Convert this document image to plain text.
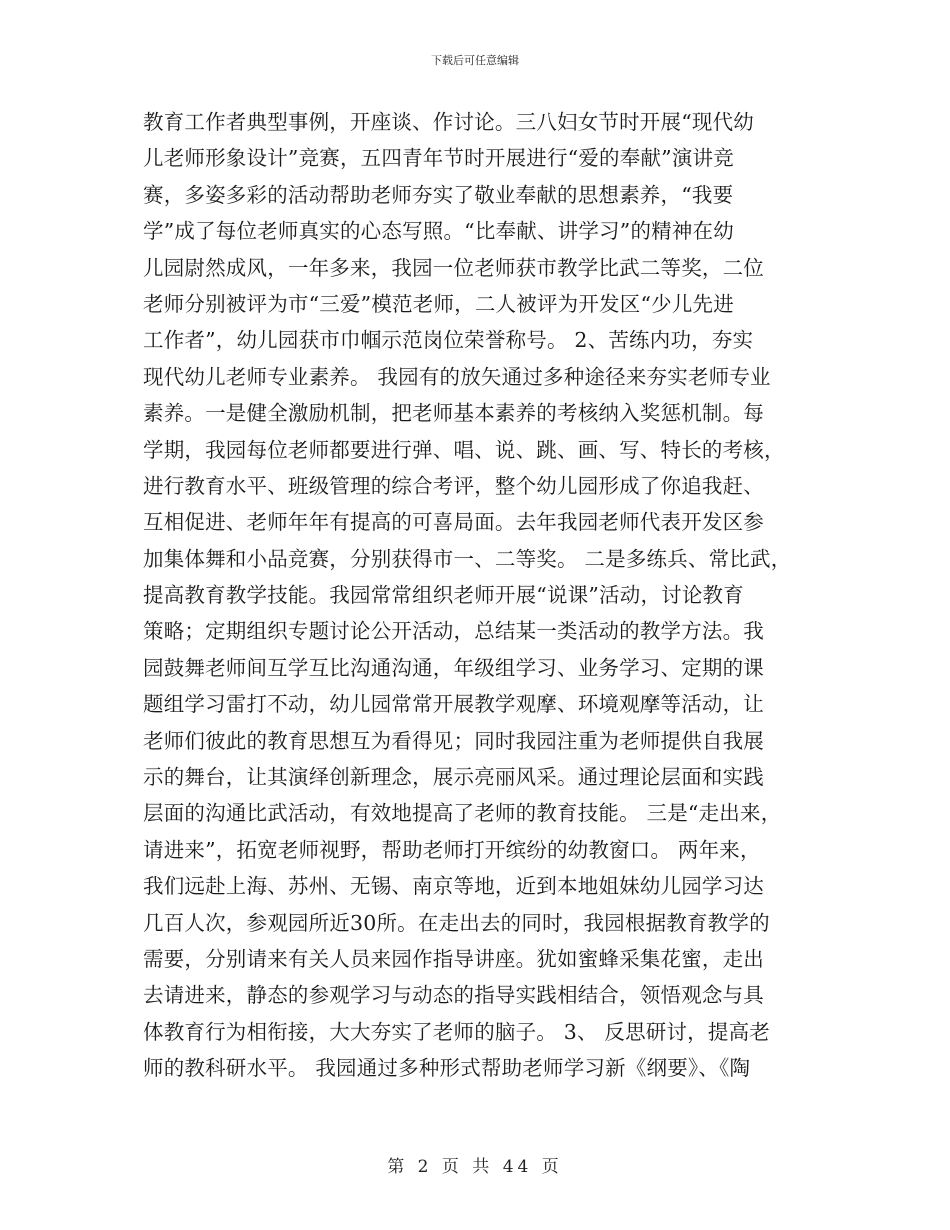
下载后可任意编辑
教育工作者典型事例，开座谈、作讨论。三八妇女节时开展“现代幼
儿老师形象设计”竞赛，五四青年节时开展进行“爱的奉献”演讲竞
赛，多姿多彩的活动帮助老师夯实了敬业奉献的思想素养，“我要
学”成了每位老师真实的心态写照。“比奉献、讲学习”的精神在幼
儿园尉然成风，一年多来，我园一位老师获市教学比武二等奖，二位
老师分别被评为市“三爱”模范老师，二人被评为开发区“少儿先进
工作者”，幼儿园获市巾帼示范岗位荣誉称号。 2、苦练内功，夯实
现代幼儿老师专业素养。 我园有的放矢通过多种途径来夯实老师专业
素养。一是健全激励机制，把老师基本素养的考核纳入奖惩机制。每
学期，我园每位老师都要进行弹、唱、说、跳、画、写、特长的考核，
进行教育水平、班级管理的综合考评，整个幼儿园形成了你追我赶、
互相促进、老师年年有提高的可喜局面。去年我园老师代表开发区参
加集体舞和小品竞赛，分别获得市一、二等奖。 二是多练兵、常比武，
提高教育教学技能。我园常常组织老师开展“说课”活动，讨论教育
策略；定期组织专题讨论公开活动，总结某一类活动的教学方法。我
园鼓舞老师间互学互比沟通沟通，年级组学习、业务学习、定期的课
题组学习雷打不动，幼儿园常常开展教学观摩、环境观摩等活动，让
老师们彼此的教育思想互为看得见；同时我园注重为老师提供自我展
示的舞台，让其演绎创新理念，展示亮丽风采。通过理论层面和实践
层面的沟通比武活动，有效地提高了老师的教育技能。 三是“走出来，
请进来”，拓宽老师视野，帮助老师打开缤纷的幼教窗口。 两年来，
我们远赴上海、苏州、无锡、南京等地，近到本地姐妹幼儿园学习达
几百人次，参观园所近30所。在走出去的同时，我园根据教育教学的
需要，分别请来有关人员来园作指导讲座。犹如蜜蜂采集花蜜，走出
去请进来，静态的参观学习与动态的指导实践相结合，领悟观念与具
体教育行为相衔接，大大夯实了老师的脑子。 3、 反思研讨，提高老
师的教科研水平。 我园通过多种形式帮助老师学习新《纲要》、《陶
第 2 页 共 44 页
